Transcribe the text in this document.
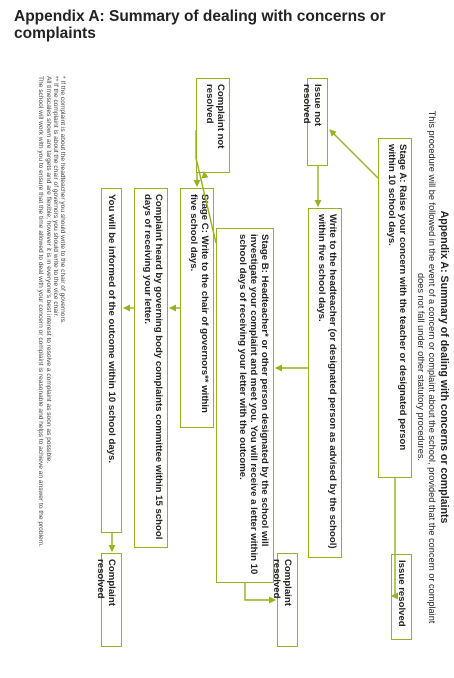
Appendix A: Summary of dealing with concerns or complaints
Appendix A: Summary of dealing with concerns or complaints
This procedure will be followed in the event of a concern or complaint about the school, provided that the concern or complaint does not fall under other statutory procedures.
Stage A: Raise your concern with the teacher or designated person within 10 school days.
Issue resolved
Issue not resolved
Write to the headteacher (or designated person as advised by the school) within five school days.
Stage B: Headteacher* or other person designated by the school will investigate your complaint and meet you. You will receive a letter within 10 school days of receiving your letter with the outcome.
Complaint resolved
Complaint not resolved
Stage C: Write to the chair of governors** within five school days.
Complaint heard by governing body complaints committee within 15 school days of receiving your letter.
You will be informed of the outcome within 10 school days.
Complaint resolved
* If the complaint is about the headteacher you should write to the chair of governors.
** If the complaint is about the chair of governors you should write to the vice chair.
All timescales shown are targets and are flexible; however it is in everyone's best interest to resolve a complaint as soon as possible.
The school will work with you to ensure that the time allowed to deal with your concern or complaint is reasonable and helps to achieve an answer to the problem.
